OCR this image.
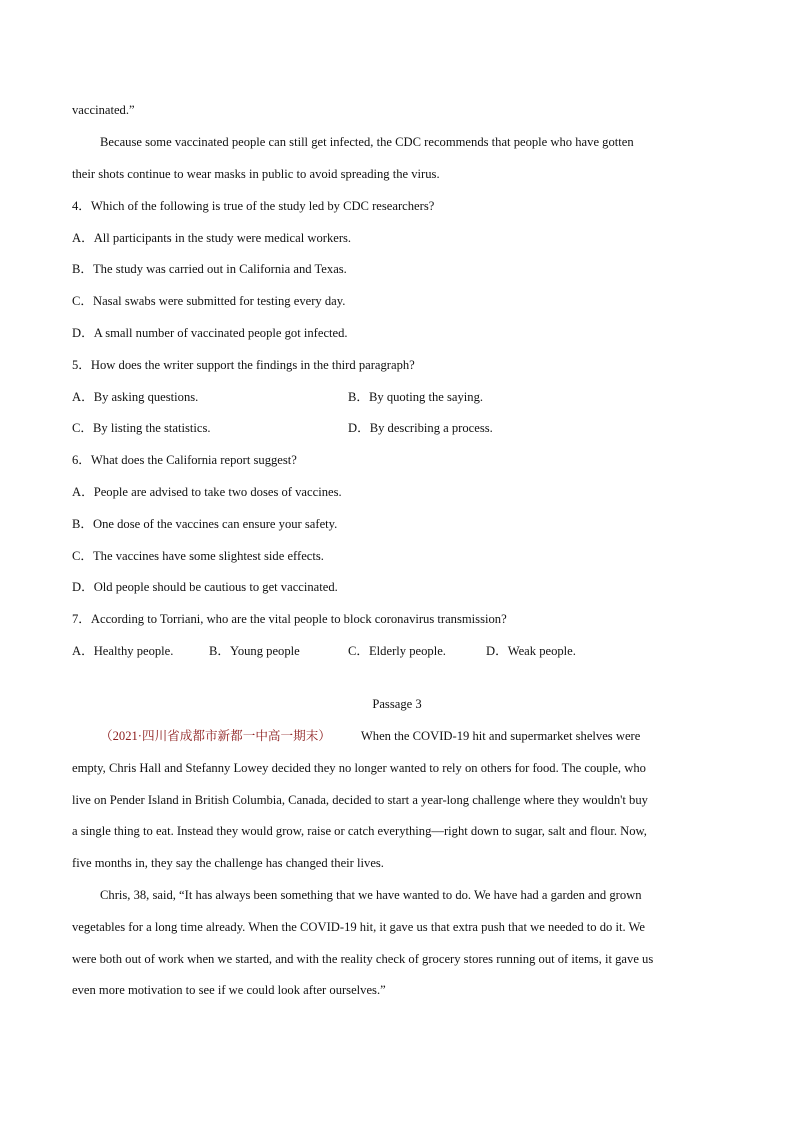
vaccinated.”
Because some vaccinated people can still get infected, the CDC recommends that people who have gotten
their shots continue to wear masks in public to avoid spreading the virus.
4．Which of the following is true of the study led by CDC researchers?
A．All participants in the study were medical workers.
B．The study was carried out in California and Texas.
C．Nasal swabs were submitted for testing every day.
D．A small number of vaccinated people got infected.
5．How does the writer support the findings in the third paragraph?
A．By asking questions.	B．By quoting the saying.
C．By listing the statistics.	D．By describing a process.
6．What does the California report suggest?
A．People are advised to take two doses of vaccines.
B．One dose of the vaccines can ensure your safety.
C．The vaccines have some slightest side effects.
D．Old people should be cautious to get vaccinated.
7．According to Torriani, who are the vital people to block coronavirus transmission?
A．Healthy people.	B．Young people	C．Elderly people.	D．Weak people.
Passage 3
（2021·四川省成都市新都一中高一期末） When the COVID-19 hit and supermarket shelves were
empty, Chris Hall and Stefanny Lowey decided they no longer wanted to rely on others for food. The couple, who
live on Pender Island in British Columbia, Canada, decided to start a year-long challenge where they wouldn't buy
a single thing to eat. Instead they would grow, raise or catch everything—right down to sugar, salt and flour. Now,
five months in, they say the challenge has changed their lives.
Chris, 38, said, “It has always been something that we have wanted to do. We have had a garden and grown
vegetables for a long time already. When the COVID-19 hit, it gave us that extra push that we needed to do it. We
were both out of work when we started, and with the reality check of grocery stores running out of items, it gave us
even more motivation to see if we could look after ourselves.”
